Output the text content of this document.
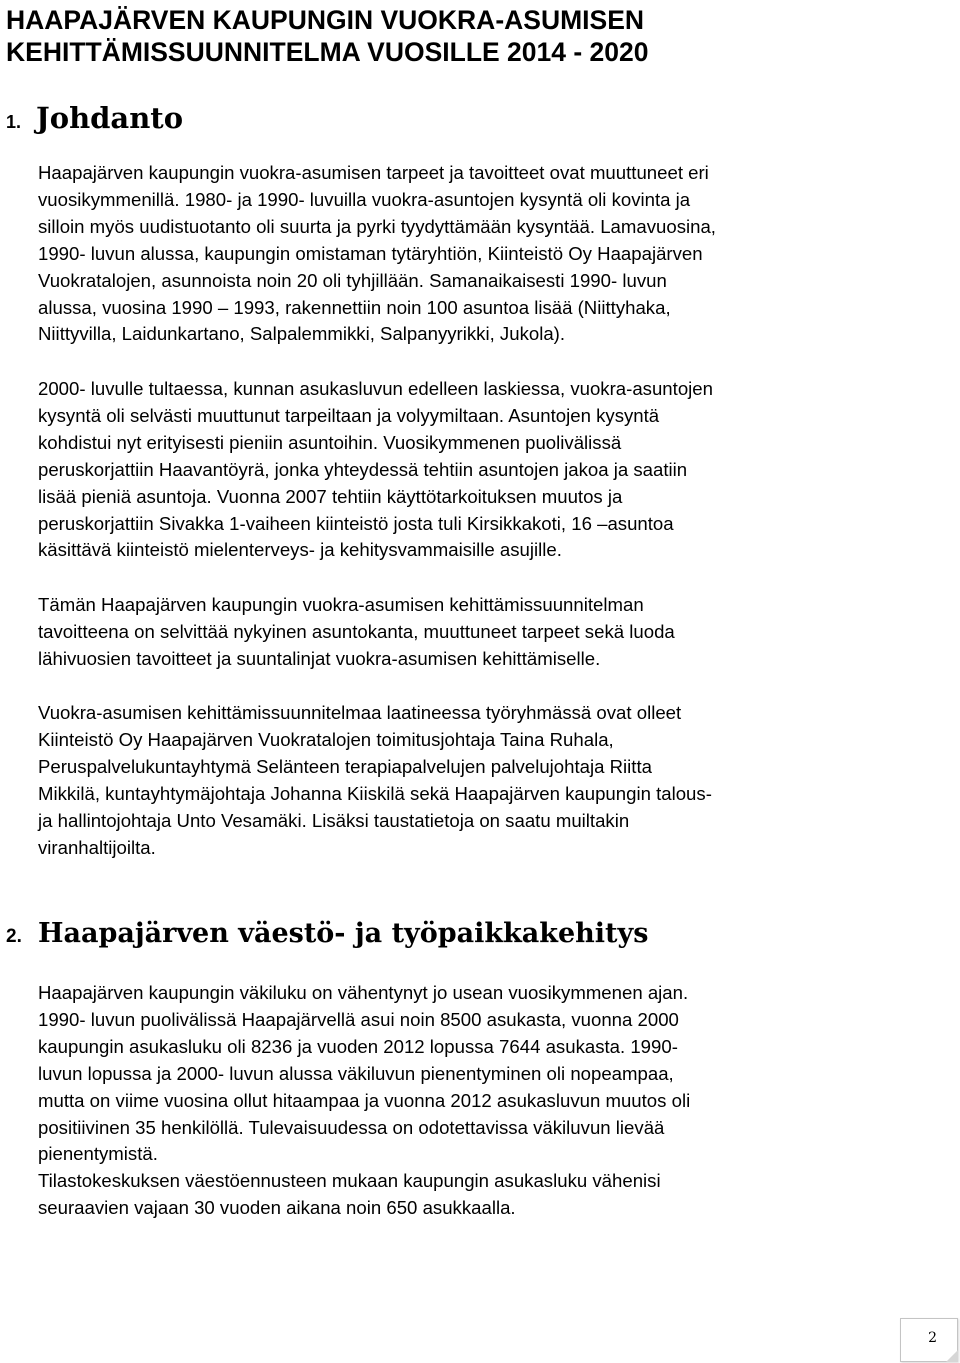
HAAPAJÄRVEN KAUPUNGIN VUOKRA-ASUMISEN
KEHITTÄMISSUUNNITELMA VUOSILLE 2014 - 2020
1. Johdanto
Haapajärven kaupungin vuokra-asumisen tarpeet ja tavoitteet ovat muuttuneet eri
vuosikymmenillä. 1980- ja 1990- luvuilla vuokra-asuntojen kysyntä oli kovinta ja
silloin myös uudistuotanto oli suurta ja pyrki tyydyttämään kysyntää. Lamavuosina,
1990- luvun alussa, kaupungin omistaman tytäryhtiön, Kiinteistö Oy Haapajärven
Vuokratalojen, asunnoista noin 20 oli tyhjillään. Samanaikaisesti 1990- luvun
alussa, vuosina 1990 – 1993, rakennettiin noin 100 asuntoa lisää (Niittyhaka,
Niittyvilla, Laidunkartano, Salpalemmikki, Salpanyyrikki, Jukola).
2000- luvulle tultaessa, kunnan asukasluvun edelleen laskiessa, vuokra-asuntojen
kysyntä oli selvästi muuttunut tarpeiltaan ja volyymiltaan. Asuntojen kysyntä
kohdistui nyt erityisesti pieniin asuntoihin. Vuosikymmenen puolivälissä
peruskorjattiin Haavantöyrä, jonka yhteydessä tehtiin asuntojen jakoa ja saatiin
lisää pieniä asuntoja. Vuonna 2007 tehtiin käyttötarkoituksen muutos ja
peruskorjattiin Sivakka 1-vaiheen kiinteistö josta tuli Kirsikkakoti, 16 –asuntoa
käsittävä kiinteistö mielenterveys- ja kehitysvammaisille asujille.
Tämän Haapajärven kaupungin vuokra-asumisen kehittämissuunnitelman
tavoitteena on selvittää nykyinen asuntokanta, muuttuneet tarpeet sekä luoda
lähivuosien tavoitteet ja suuntalinjat vuokra-asumisen kehittämiselle.
Vuokra-asumisen kehittämissuunnitelmaa laatineessa työryhmässä ovat olleet
Kiinteistö Oy Haapajärven Vuokratalojen toimitusjohtaja Taina Ruhala,
Peruspalvelukuntayhtymä Selänteen terapiapalvelujen palvelujohtaja Riitta
Mikkilä, kuntayhtymäjohtaja Johanna Kiiskilä sekä Haapajärven kaupungin talous-
ja hallintojohtaja Unto Vesamäki. Lisäksi taustatietoja on saatu muiltakin
viranhaltijoilta.
2. Haapajärven väestö- ja työpaikkakehitys
Haapajärven kaupungin väkiluku on vähentynyt jo usean vuosikymmenen ajan.
1990- luvun puolivälissä Haapajärvellä asui noin 8500 asukasta, vuonna 2000
kaupungin asukasluku oli 8236 ja vuoden 2012 lopussa 7644 asukasta. 1990-
luvun lopussa ja 2000- luvun alussa väkiluvun pienentyminen oli nopeampaa,
mutta on viime vuosina ollut hitaampaa ja vuonna 2012 asukasluvun muutos oli
positiivinen 35 henkilöllä. Tulevaisuudessa on odotettavissa väkiluvun lievää
pienentymistä.
Tilastokeskuksen väestöennusteen mukaan kaupungin asukasluku vähenisi
seuraavien vajaan 30 vuoden aikana noin 650 asukkaalla.
2
